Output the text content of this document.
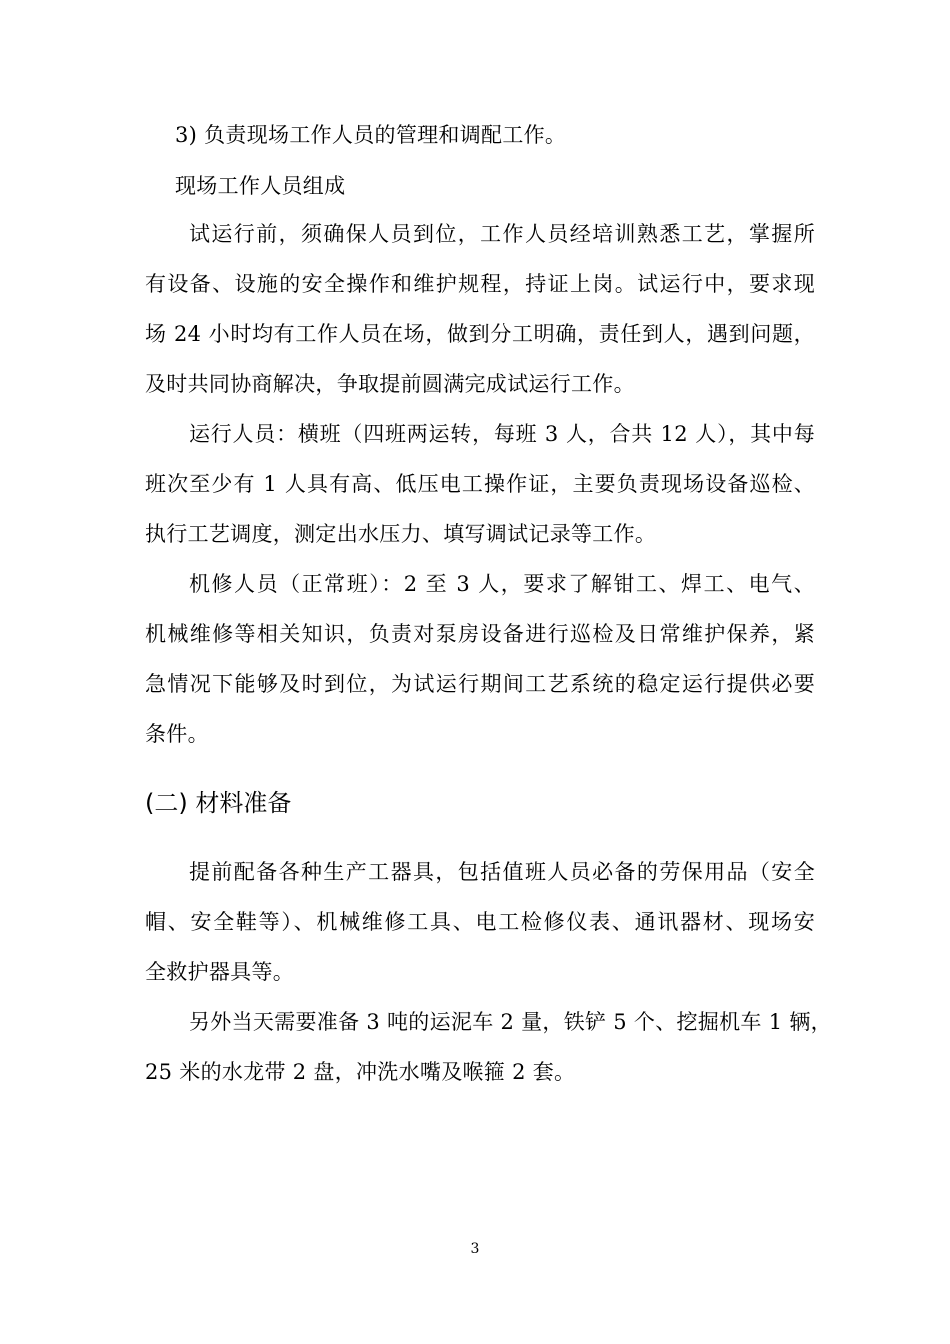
3) 负责现场工作人员的管理和调配工作。
现场工作人员组成
试运行前，须确保人员到位，工作人员经培训熟悉工艺，掌握所
有设备、设施的安全操作和维护规程，持证上岗。试运行中，要求现
场 24 小时均有工作人员在场，做到分工明确，责任到人，遇到问题，
及时共同协商解决，争取提前圆满完成试运行工作。
运行人员：横班（四班两运转，每班 3 人，合共 12 人），其中每
班次至少有 1 人具有高、低压电工操作证，主要负责现场设备巡检、
执行工艺调度，测定出水压力、填写调试记录等工作。
机修人员（正常班）：2 至 3 人，要求了解钳工、焊工、电气、
机械维修等相关知识，负责对泵房设备进行巡检及日常维护保养，紧
急情况下能够及时到位，为试运行期间工艺系统的稳定运行提供必要
条件。
(二) 材料准备
提前配备各种生产工器具，包括值班人员必备的劳保用品（安全
帽、安全鞋等）、机械维修工具、电工检修仪表、通讯器材、现场安
全救护器具等。
另外当天需要准备 3 吨的运泥车 2 量，铁铲 5 个、挖掘机车 1 辆，
25 米的水龙带 2 盘，冲洗水嘴及喉箍 2 套。
3
